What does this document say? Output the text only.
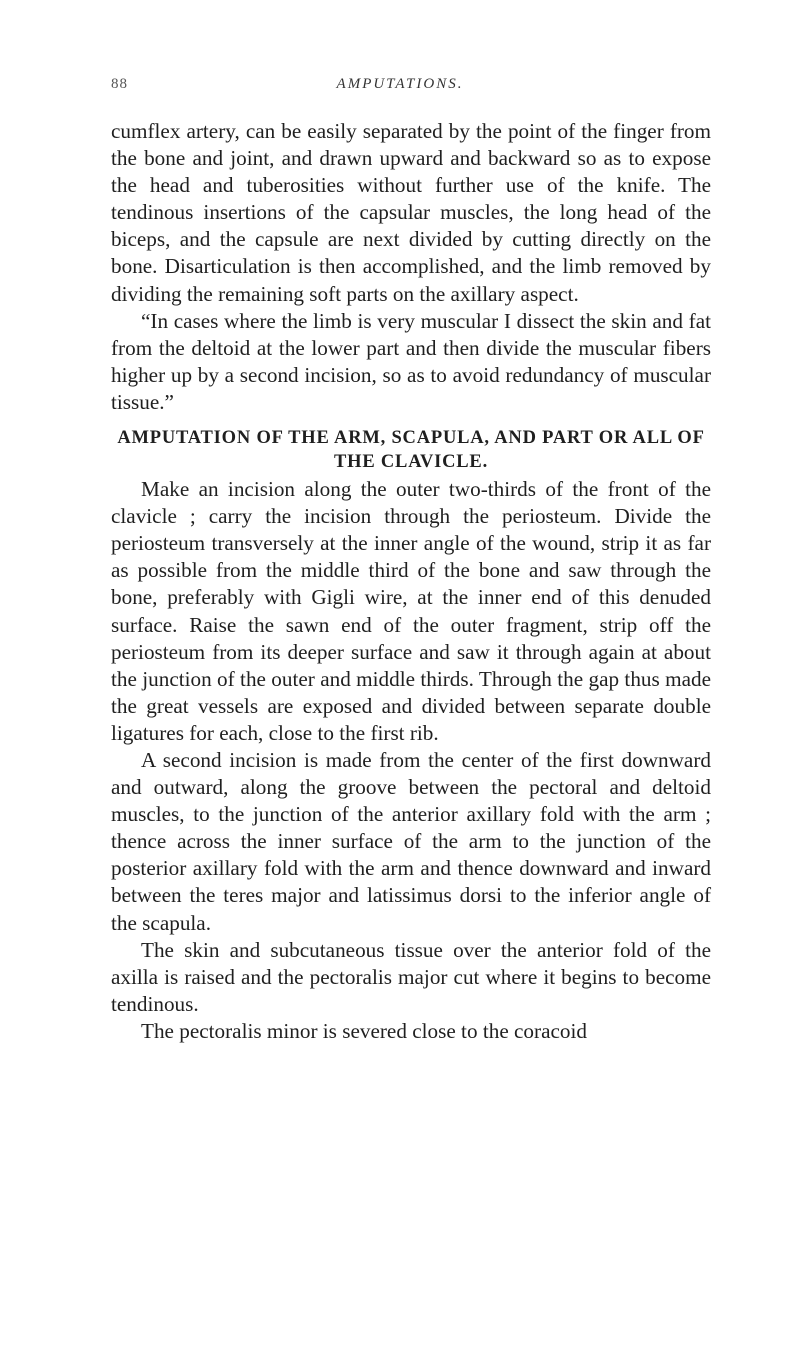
88	AMPUTATIONS.

cumflex artery, can be easily separated by the point of the finger from the bone and joint, and drawn upward and backward so as to expose the head and tuberosities without further use of the knife. The tendinous insertions of the capsular muscles, the long head of the biceps, and the capsule are next divided by cutting directly on the bone. Disarticulation is then accomplished, and the limb removed by dividing the remaining soft parts on the axillary aspect.

“In cases where the limb is very muscular I dissect the skin and fat from the deltoid at the lower part and then divide the muscular fibers higher up by a second incision, so as to avoid redundancy of muscular tissue.”

AMPUTATION OF THE ARM, SCAPULA, AND PART OR ALL OF THE CLAVICLE.

Make an incision along the outer two-thirds of the front of the clavicle ; carry the incision through the periosteum. Divide the periosteum transversely at the inner angle of the wound, strip it as far as possible from the middle third of the bone and saw through the bone, preferably with Gigli wire, at the inner end of this denuded surface. Raise the sawn end of the outer fragment, strip off the periosteum from its deeper surface and saw it through again at about the junction of the outer and middle thirds. Through the gap thus made the great vessels are exposed and divided between separate double ligatures for each, close to the first rib.

A second incision is made from the center of the first downward and outward, along the groove between the pectoral and deltoid muscles, to the junction of the anterior axillary fold with the arm ; thence across the inner surface of the arm to the junction of the posterior axillary fold with the arm and thence downward and inward between the teres major and latissimus dorsi to the inferior angle of the scapula.

The skin and subcutaneous tissue over the anterior fold of the axilla is raised and the pectoralis major cut where it begins to become tendinous.

The pectoralis minor is severed close to the coracoid
